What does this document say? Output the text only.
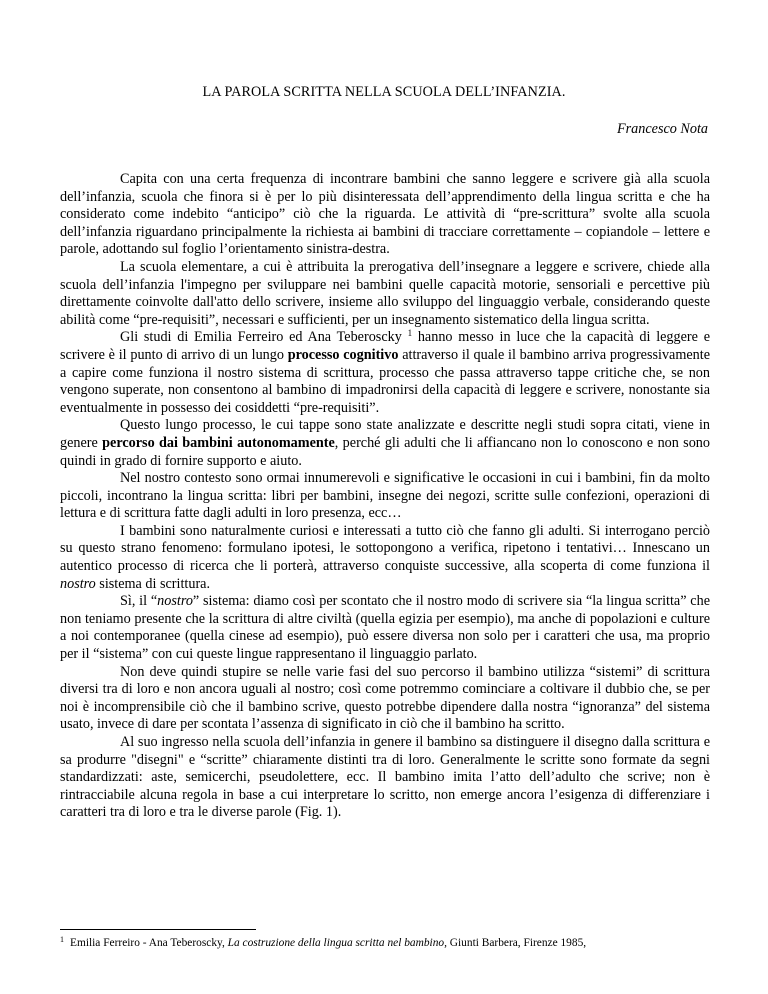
LA PAROLA SCRITTA NELLA SCUOLA DELL’INFANZIA.
Francesco Nota

Capita con una certa frequenza di incontrare bambini che sanno leggere e scrivere già alla scuola dell’infanzia, scuola che finora si è per lo più disinteressata dell’apprendimento della lingua scritta e che ha considerato come indebito “anticipo” ciò che la riguarda. Le attività di “pre-scrittura” svolte alla scuola dell’infanzia riguardano principalmente la richiesta ai bambini di tracciare correttamente – copiandole – lettere e parole, adottando sul foglio l’orientamento sinistra-destra.

La scuola elementare, a cui è attribuita la prerogativa dell’insegnare a leggere e scrivere, chiede alla scuola dell’infanzia l'impegno per sviluppare nei bambini quelle capacità motorie, sensoriali e percettive più direttamente coinvolte dall'atto dello scrivere, insieme allo sviluppo del linguaggio verbale, considerando queste abilità come “pre-requisiti”, necessari e sufficienti, per un insegnamento sistematico della lingua scritta.

Gli studi di Emilia Ferreiro ed Ana Teberoscky $^1$ hanno messo in luce che la capacità di leggere e scrivere è il punto di arrivo di un lungo processo cognitivo attraverso il quale il bambino arriva progressivamente a capire come funziona il nostro sistema di scrittura, processo che passa attraverso tappe critiche che, se non vengono superate, non consentono al bambino di impadronirsi della capacità di leggere e scrivere, nonostante sia eventualmente in possesso dei cosiddetti “pre-requisiti”.

Questo lungo processo, le cui tappe sono state analizzate e descritte negli studi sopra citati, viene in genere percorso dai bambini autonomamente, perché gli adulti che li affiancano non lo conoscono e non sono quindi in grado di fornire supporto e aiuto.

Nel nostro contesto sono ormai innumerevoli e significative le occasioni in cui i bambini, fin da molto piccoli, incontrano la lingua scritta: libri per bambini, insegne dei negozi, scritte sulle confezioni, operazioni di lettura e di scrittura fatte dagli adulti in loro presenza, ecc…

I bambini sono naturalmente curiosi e interessati a tutto ciò che fanno gli adulti. Si interrogano perciò su questo strano fenomeno: formulano ipotesi, le sottopongono a verifica, ripetono i tentativi… Innescano un autentico processo di ricerca che li porterà, attraverso conquiste successive, alla scoperta di come funziona il nostro sistema di scrittura.

Sì, il “nostro” sistema: diamo così per scontato che il nostro modo di scrivere sia “la lingua scritta” che non teniamo presente che la scrittura di altre civiltà (quella egizia per esempio), ma anche di popolazioni e culture a noi contemporanee (quella cinese ad esempio), può essere diversa non solo per i caratteri che usa, ma proprio per il “sistema” con cui queste lingue rappresentano il linguaggio parlato.

Non deve quindi stupire se nelle varie fasi del suo percorso il bambino utilizza “sistemi” di scrittura diversi tra di loro e non ancora uguali al nostro; così come potremmo cominciare a coltivare il dubbio che, se per noi è incomprensibile ciò che il bambino scrive, questo potrebbe dipendere dalla nostra “ignoranza” del sistema usato, invece di dare per scontata l’assenza di significato in ciò che il bambino ha scritto.

Al suo ingresso nella scuola dell’infanzia in genere il bambino sa distinguere il disegno dalla scrittura e sa produrre "disegni" e “scritte” chiaramente distinti tra di loro. Generalmente le scritte sono formate da segni standardizzati: aste, semicerchi, pseudolettere, ecc. Il bambino imita l’atto dell’adulto che scrive; non è rintracciabile alcuna regola in base a cui interpretare lo scritto, non emerge ancora l’esigenza di differenziare i caratteri tra di loro e tra le diverse parole (Fig. 1).

$^1$ Emilia Ferreiro - Ana Teberoscky, La costruzione della lingua scritta nel bambino, Giunti Barbera, Firenze 1985,
